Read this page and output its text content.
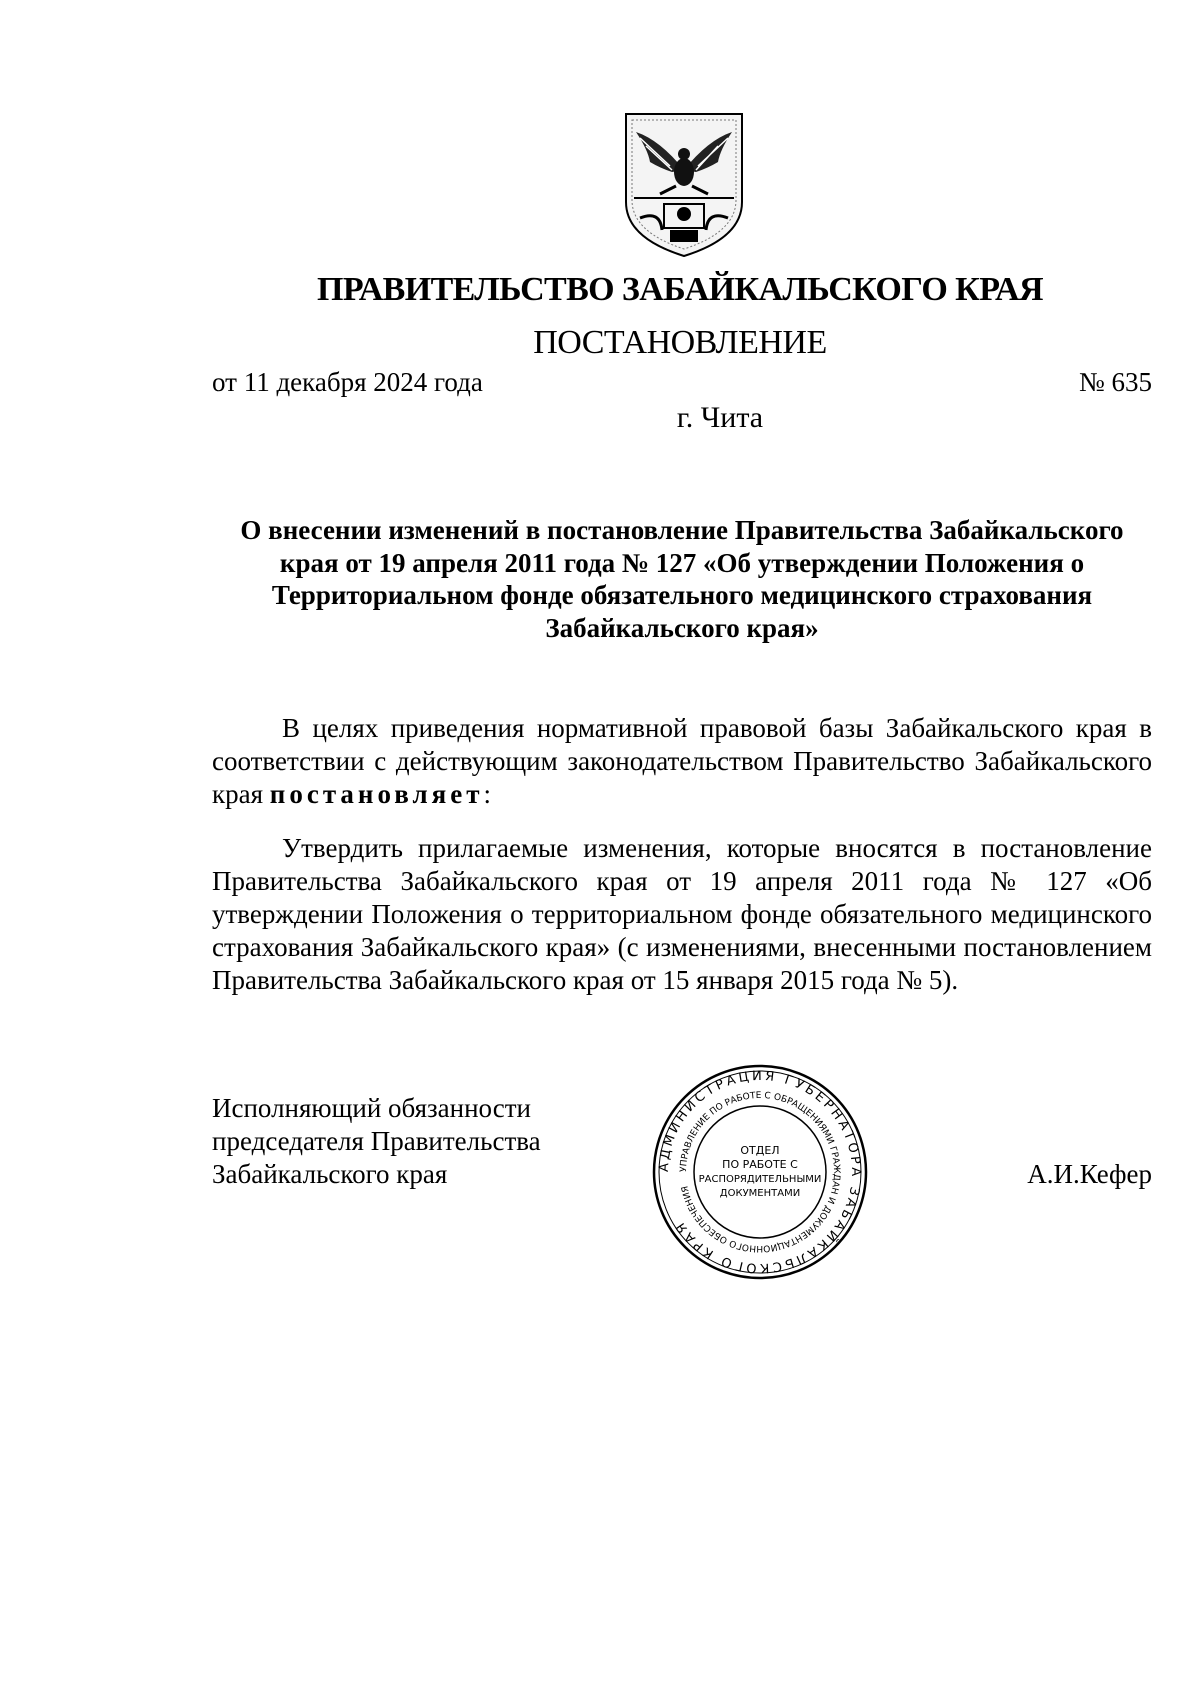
ПРАВИТЕЛЬСТВО ЗАБАЙКАЛЬСКОГО КРАЯ
ПОСТАНОВЛЕНИЕ
от 11 декабря 2024 года	№ 635
г. Чита
О внесении изменений в постановление Правительства Забайкальского края от 19 апреля 2011 года № 127 «Об утверждении Положения о Территориальном фонде обязательного медицинского страхования Забайкальского края»
В целях приведения нормативной правовой базы Забайкальского края в соответствии с действующим законодательством Правительство Забайкальского края постановляет:
Утвердить прилагаемые изменения, которые вносятся в постановление Правительства Забайкальского края от 19 апреля 2011 года № 127 «Об утверждении Положения о территориальном фонде обязательного медицинского страхования Забайкальского края» (с изменениями, внесенными постановлением Правительства Забайкальского края от 15 января 2015 года № 5).
Исполняющий обязанности
председателя Правительства
Забайкальского края	А.И.Кефер
АДМИНИСТРАЦИЯ ГУБЕРНАТОРА ЗАБАЙКАЛЬСКОГО КРАЯ
УПРАВЛЕНИЕ ПО РАБОТЕ С ОБРАЩЕНИЯМИ ГРАЖДАН И ДОКУМЕНТАЦИОННОГО ОБЕСПЕЧЕНИЯ
ОТДЕЛ
ПО РАБОТЕ С
РАСПОРЯДИТЕЛЬНЫМИ
ДОКУМЕНТАМИ
